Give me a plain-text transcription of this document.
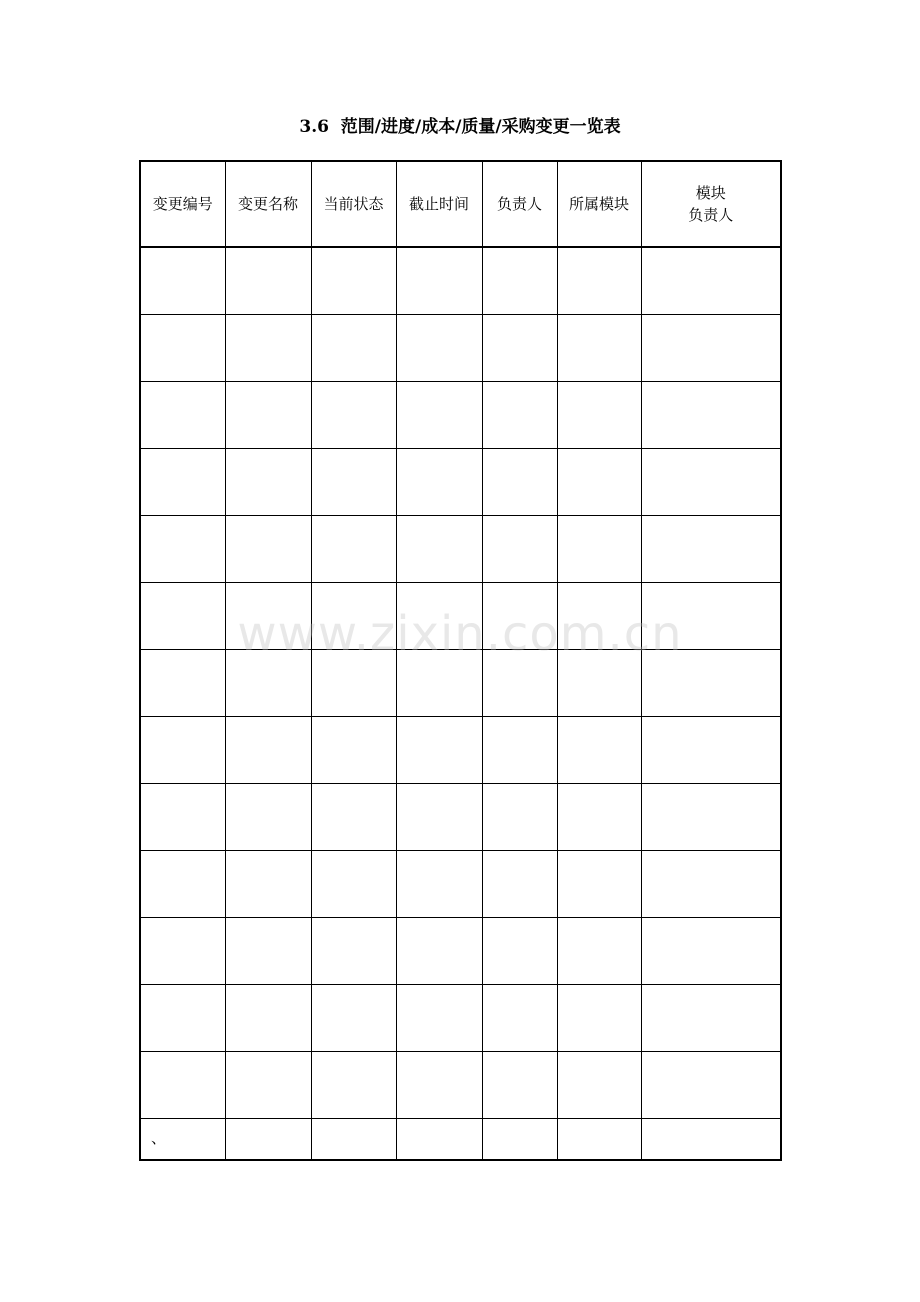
3.6  范围/进度/成本/质量/采购变更一览表
变更编号	变更名称	当前状态	截止时间	负责人	所属模块	模块
负责人

、						
www.zixin.com.cn
